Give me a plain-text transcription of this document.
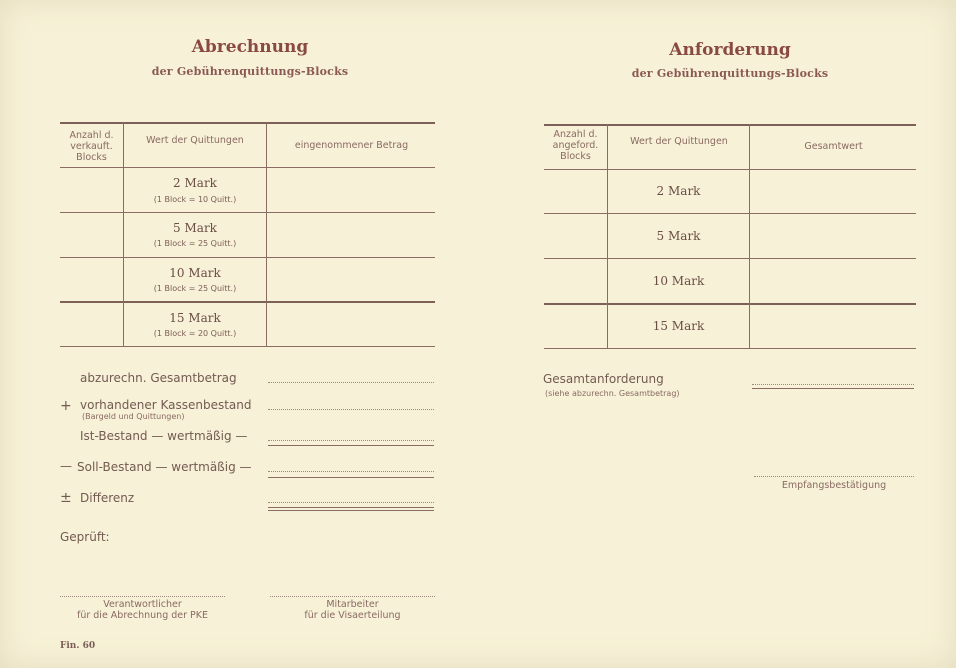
Abrechnung
der Gebührenquittungs-Blocks
Anzahl d. verkauft. Blocks
Wert der Quittungen	eingenommener Betrag
2 Mark
(1 Block = 10 Quitt.)
5 Mark
(1 Block = 25 Quitt.)
10 Mark
(1 Block = 25 Quitt.)
15 Mark
(1 Block = 20 Quitt.)
abzurechn. Gesamtbetrag
+ vorhandener Kassenbestand
(Bargeld und Quittungen)
Ist-Bestand — wertmäßig —
— Soll-Bestand — wertmäßig —
± Differenz
Geprüft:
Verantwortlicher
für die Abrechnung der PKE
Mitarbeiter
für die Visaerteilung
Fin. 60
Anforderung
der Gebührenquittungs-Blocks
Anzahl d. angeford. Blocks
Wert der Quittungen	Gesamtwert
2 Mark
5 Mark
10 Mark
15 Mark
Gesamtanforderung
(siehe abzurechn. Gesamtbetrag)
Empfangsbestätigung
